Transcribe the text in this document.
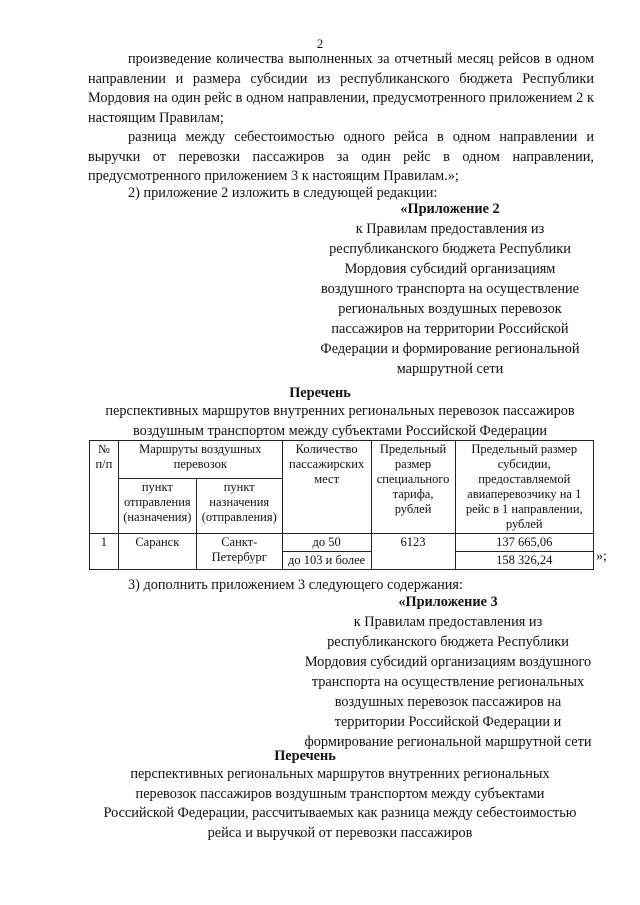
2
произведение количества выполненных за отчетный месяц рейсов в одном направлении и размера субсидии из республиканского бюджета Республики Мордовия на один рейс в одном направлении, предусмотренного приложением 2 к настоящим Правилам;
разница между себестоимостью одного рейса в одном направлении и выручки от перевозки пассажиров за один рейс в одном направлении, предусмотренного приложением 3 к настоящим Правилам.»;
2) приложение 2 изложить в следующей редакции:
«Приложение 2
к Правилам предоставления из
республиканского бюджета Республики
Мордовия субсидий организациям
воздушного транспорта на осуществление
региональных воздушных перевозок
пассажиров на территории Российской
Федерации и формирование региональной
маршрутной сети
Перечень
перспективных маршрутов внутренних региональных перевозок пассажиров
воздушным транспортом между субъектами Российской Федерации
№ п/п	Маршруты воздушных перевозок		Количество пассажирских мест	Предельный размер специального тарифа, рублей	Предельный размер субсидии, предоставляемой авиаперевозчику на 1 рейс в 1 направлении, рублей
	пункт отправления (назначения)	пункт назначения (отправления)			
1	Саранск	Санкт-Петербург	до 50	6123	137 665,06
			до 103 и более		158 326,24	»;
3) дополнить приложением 3 следующего содержания:
«Приложение 3
к Правилам предоставления из
республиканского бюджета Республики
Мордовия субсидий организациям воздушного
транспорта на осуществление региональных
воздушных перевозок пассажиров на
территории Российской Федерации и
формирование региональной маршрутной сети
Перечень
перспективных региональных маршрутов внутренних региональных
перевозок пассажиров воздушным транспортом между субъектами
Российской Федерации, рассчитываемых как разница между себестоимостью
рейса и выручкой от перевозки пассажиров
